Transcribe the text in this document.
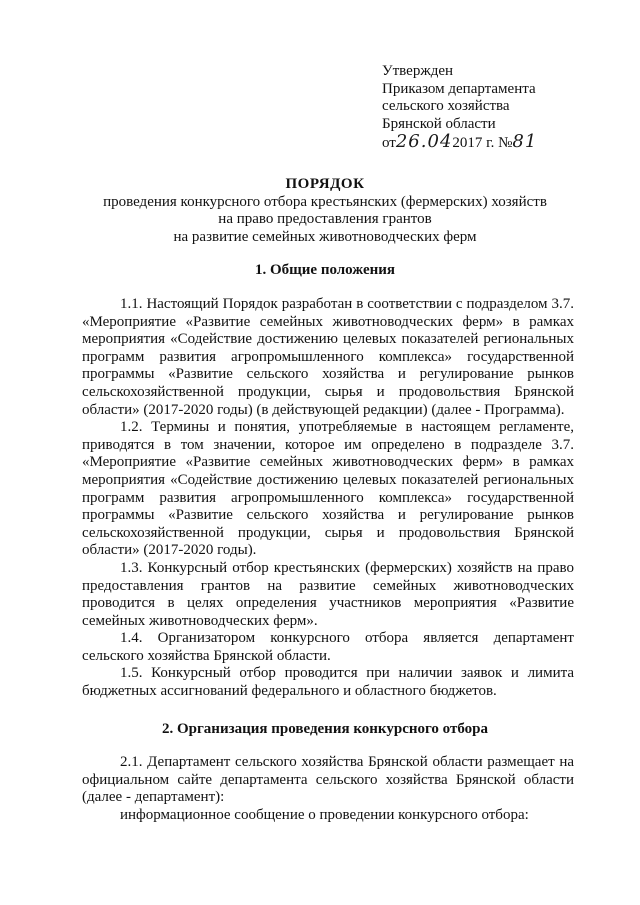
Утвержден
Приказом департамента
сельского хозяйства
Брянской области
от26.042017 г. №81
ПОРЯДОК
проведения конкурсного отбора крестьянских (фермерских) хозяйств
на право предоставления грантов
на развитие семейных животноводческих ферм
1. Общие положения

1.1. Настоящий Порядок разработан в соответствии с подразделом 3.7. «Мероприятие «Развитие семейных животноводческих ферм» в рамках мероприятия «Содействие достижению целевых показателей региональных программ развития агропромышленного комплекса» государственной программы «Развитие сельского хозяйства и регулирование рынков сельскохозяйственной продукции, сырья и продовольствия Брянской области» (2017-2020 годы) (в действующей редакции) (далее - Программа).

1.2. Термины и понятия, употребляемые в настоящем регламенте, приводятся в том значении, которое им определено в подразделе 3.7. «Мероприятие «Развитие семейных животноводческих ферм» в рамках мероприятия «Содействие достижению целевых показателей региональных программ развития агропромышленного комплекса» государственной программы «Развитие сельского хозяйства и регулирование рынков сельскохозяйственной продукции, сырья и продовольствия Брянской области» (2017-2020 годы).

1.3. Конкурсный отбор крестьянских (фермерских) хозяйств на право предоставления грантов на развитие семейных животноводческих проводится в целях определения участников мероприятия «Развитие семейных животноводческих ферм».

1.4. Организатором конкурсного отбора является департамент сельского хозяйства Брянской области.

1.5. Конкурсный отбор проводится при наличии заявок и лимита бюджетных ассигнований федерального и областного бюджетов.

2. Организация проведения конкурсного отбора

2.1. Департамент сельского хозяйства Брянской области размещает на официальном сайте департамента сельского хозяйства Брянской области (далее - департамент):

информационное сообщение о проведении конкурсного отбора:
